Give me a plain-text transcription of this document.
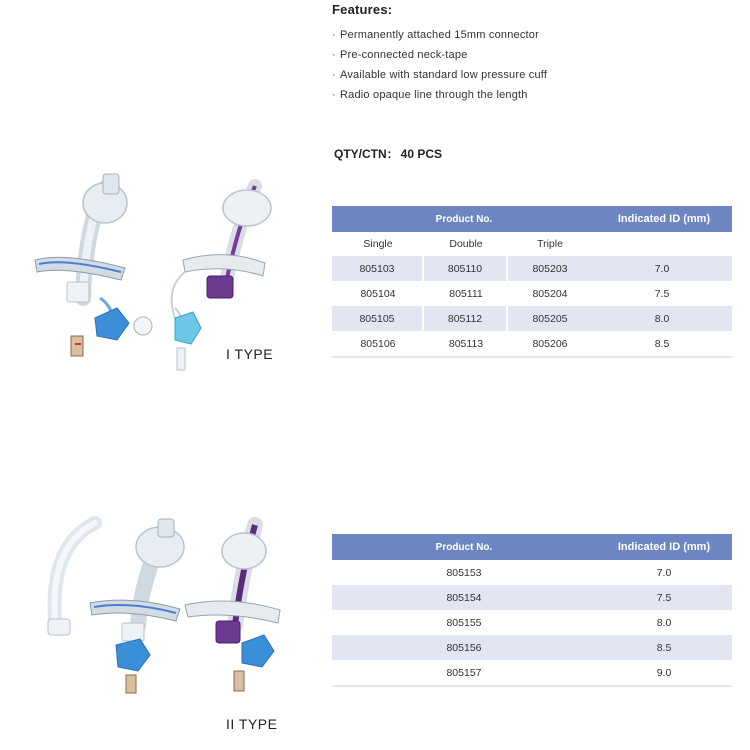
Features:
· Permanently attached 15mm connector
· Pre-connected neck-tape
· Available with standard low pressure cuff
· Radio opaque line through the length
QTY/CTN： 40 PCS
Product No.	Indicated ID (mm)
Single	Double	Triple
805103	805110	805203	7.0
805104	805111	805204	7.5
805105	805112	805205	8.0
805106	805113	805206	8.5
Product No.	Indicated ID (mm)
805153	7.0
805154	7.5
805155	8.0
805156	8.5
805157	9.0
I TYPE
II TYPE
